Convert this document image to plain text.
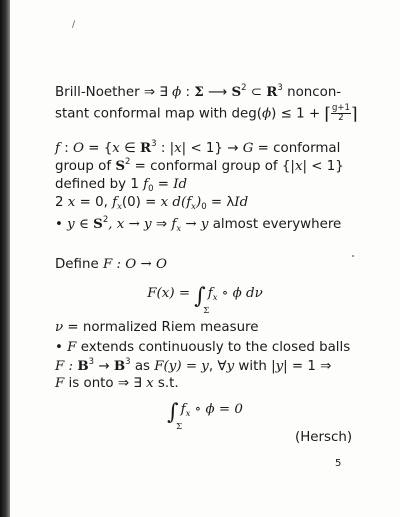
/
Brill-Noether ⇒ ∃ ϕ : Σ ⟶ $S^2$ ⊂ $R^3$ noncon-
stant conformal map with deg(ϕ) ≤ 1 + ⌈ $\frac{g+1}{2}$ ⌉
f : O = {x ∈ $R^3$ : |x| < 1} → G = conformal
group of $S^2$ = conformal group of {|x| < 1}
defined by 1 $f_0 = Id$
2 x = 0, $f_x(0) = x$ $d(f_x)_0 = \lambda Id$
• y ∈ $S^2$, x → y ⇒ $f_x \to y$ almost everywhere
Define F : O → O
F(x) = ∫
Σ
$f_x$ ∘ ϕ dν
ν = normalized Riem measure
• F extends continuously to the closed balls
F : $B^3 \to B^3$ as F(y) = y, ∀y with |y| = 1 ⇒
F is onto ⇒ ∃ x s.t.
∫
Σ
$f_x$ ∘ ϕ = 0
(Hersch)
5
